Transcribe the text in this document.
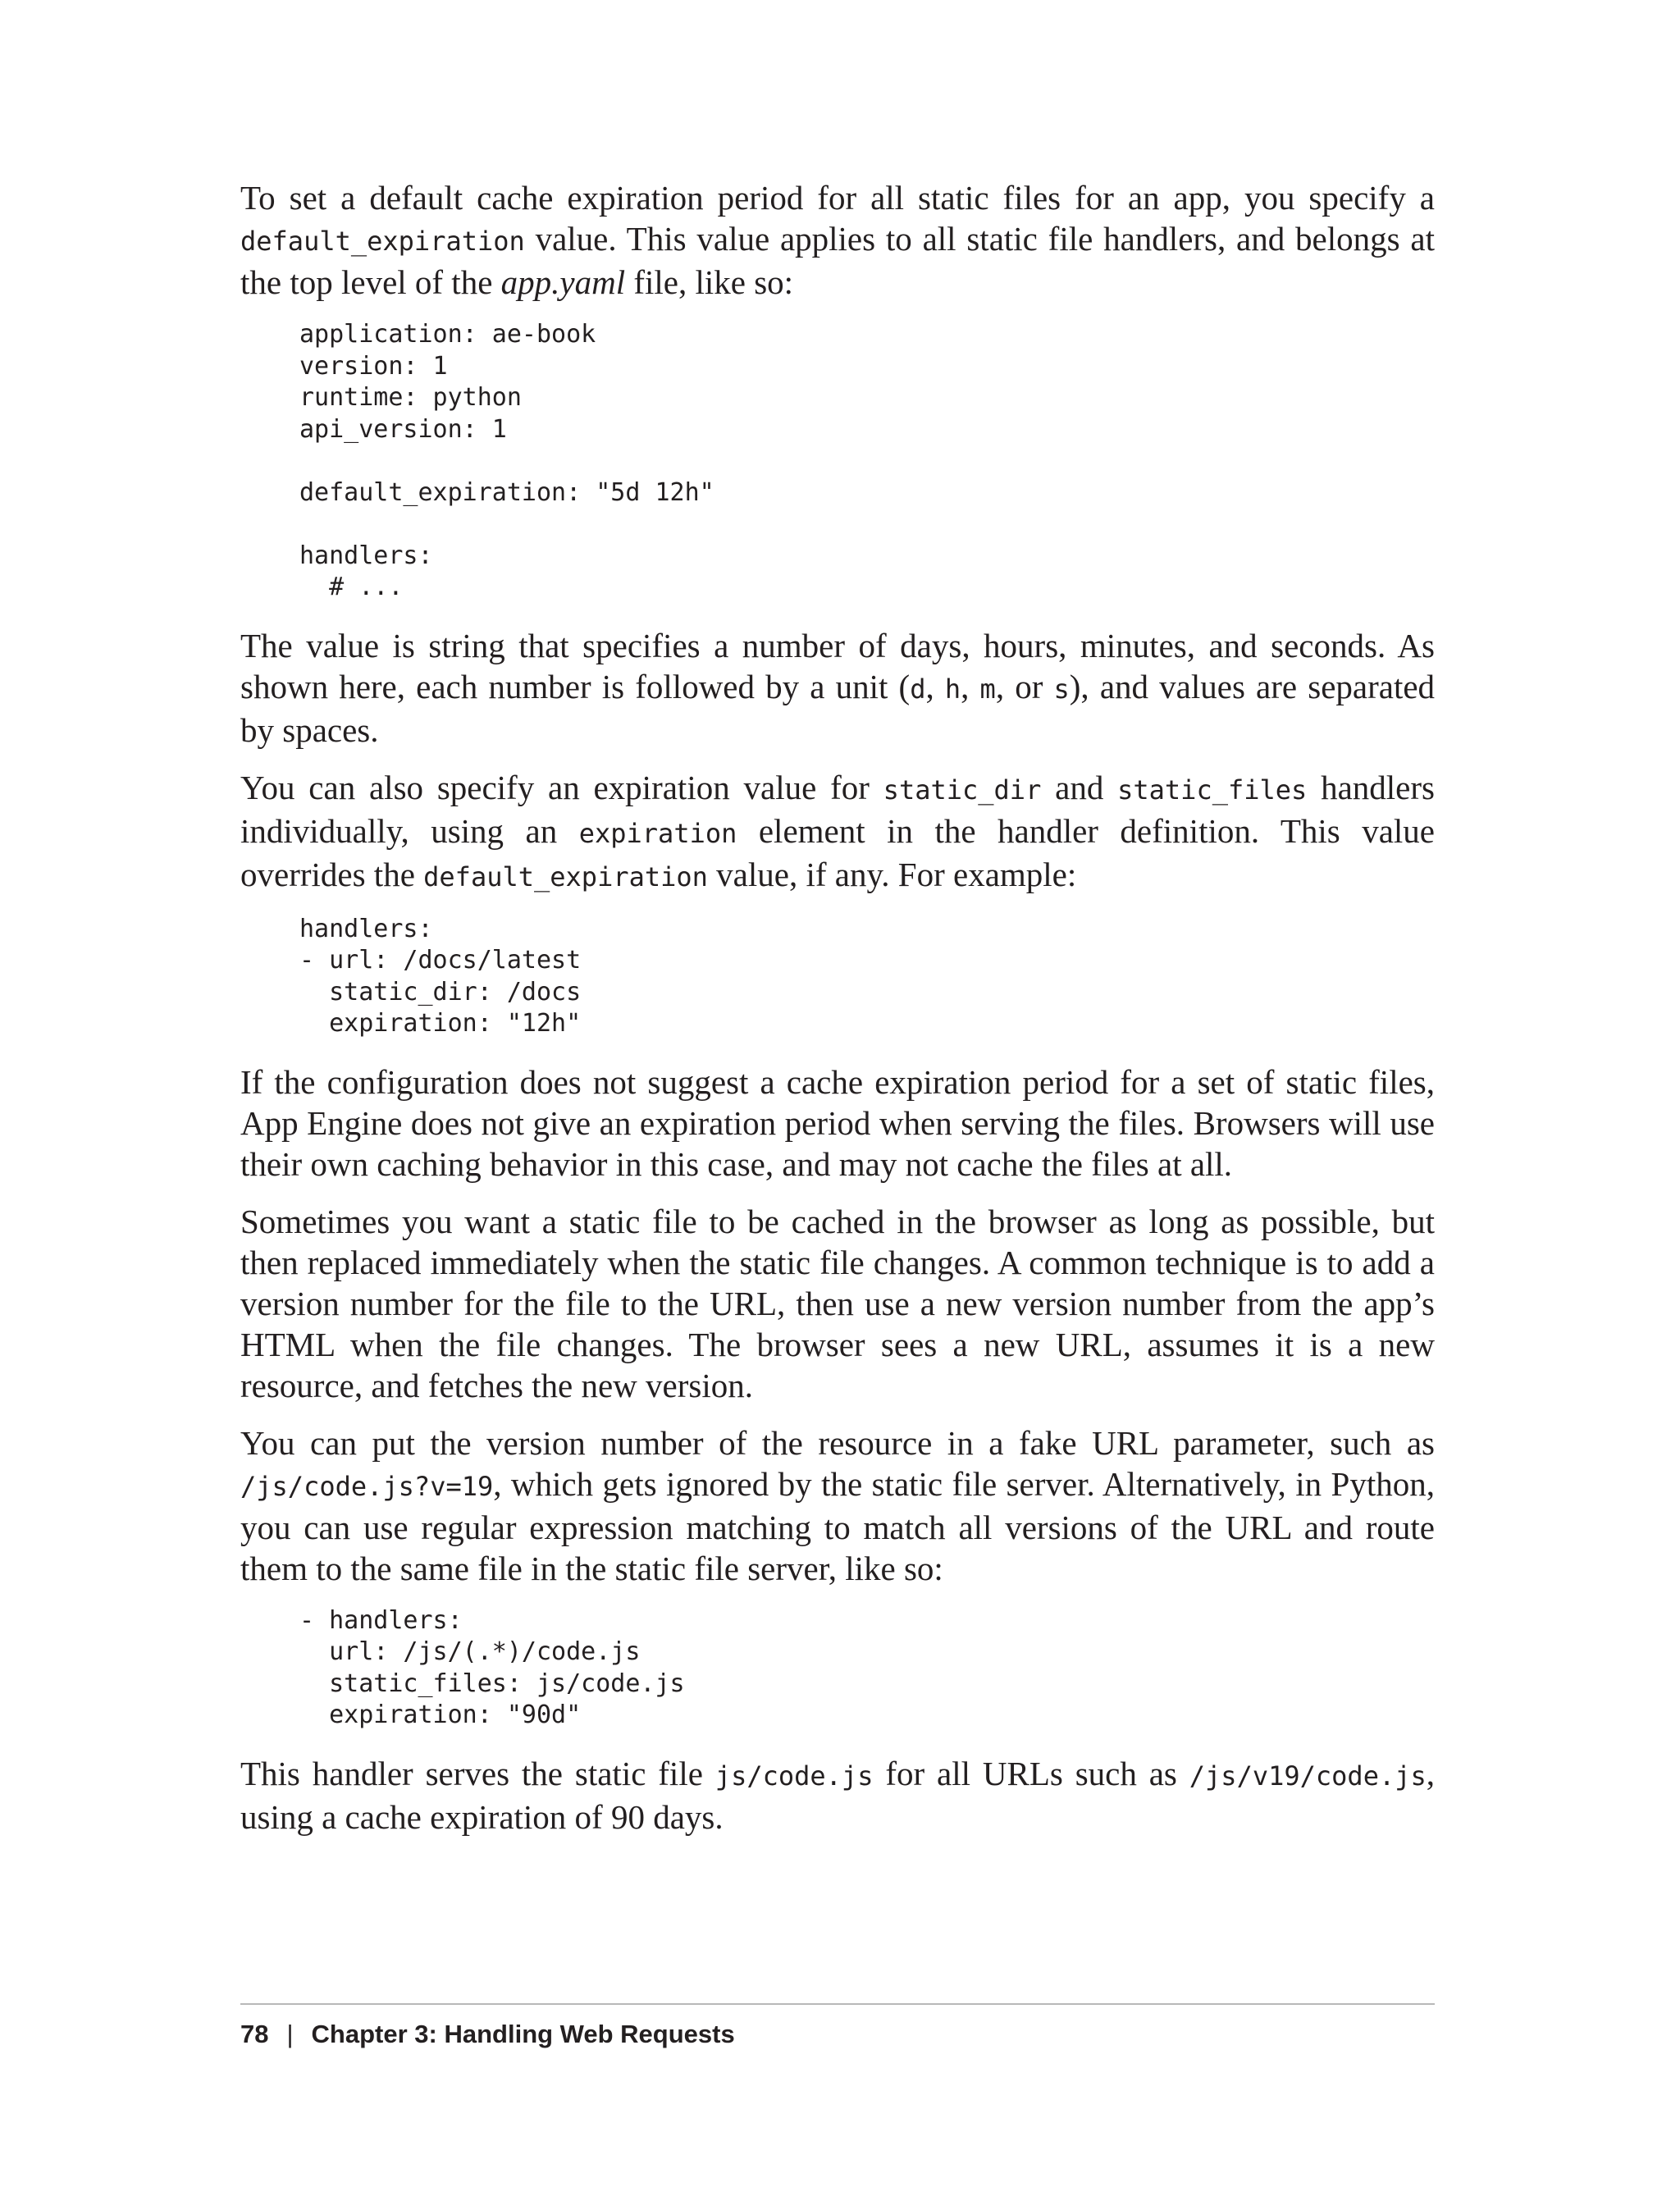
To set a default cache expiration period for all static files for an app, you specify a default_expiration value. This value applies to all static file handlers, and belongs at the top level of the app.yaml file, like so:

application: ae-book
version: 1
runtime: python
api_version: 1

default_expiration: "5d 12h"

handlers:
# ...

The value is string that specifies a number of days, hours, minutes, and seconds. As shown here, each number is followed by a unit (d, h, m, or s), and values are separated by spaces.

You can also specify an expiration value for static_dir and static_files handlers individually, using an expiration element in the handler definition. This value overrides the default_expiration value, if any. For example:

handlers:
- url: /docs/latest
static_dir: /docs
expiration: "12h"

If the configuration does not suggest a cache expiration period for a set of static files, App Engine does not give an expiration period when serving the files. Browsers will use their own caching behavior in this case, and may not cache the files at all.

Sometimes you want a static file to be cached in the browser as long as possible, but then replaced immediately when the static file changes. A common technique is to add a version number for the file to the URL, then use a new version number from the app’s HTML when the file changes. The browser sees a new URL, assumes it is a new resource, and fetches the new version.

You can put the version number of the resource in a fake URL parameter, such as /js/code.js?v=19, which gets ignored by the static file server. Alternatively, in Python, you can use regular expression matching to match all versions of the URL and route them to the same file in the static file server, like so:

- handlers:
url: /js/(.*)/code.js
static_files: js/code.js
expiration: "90d"

This handler serves the static file js/code.js for all URLs such as /js/v19/code.js, using a cache expiration of 90 days.

78 | Chapter 3: Handling Web Requests
